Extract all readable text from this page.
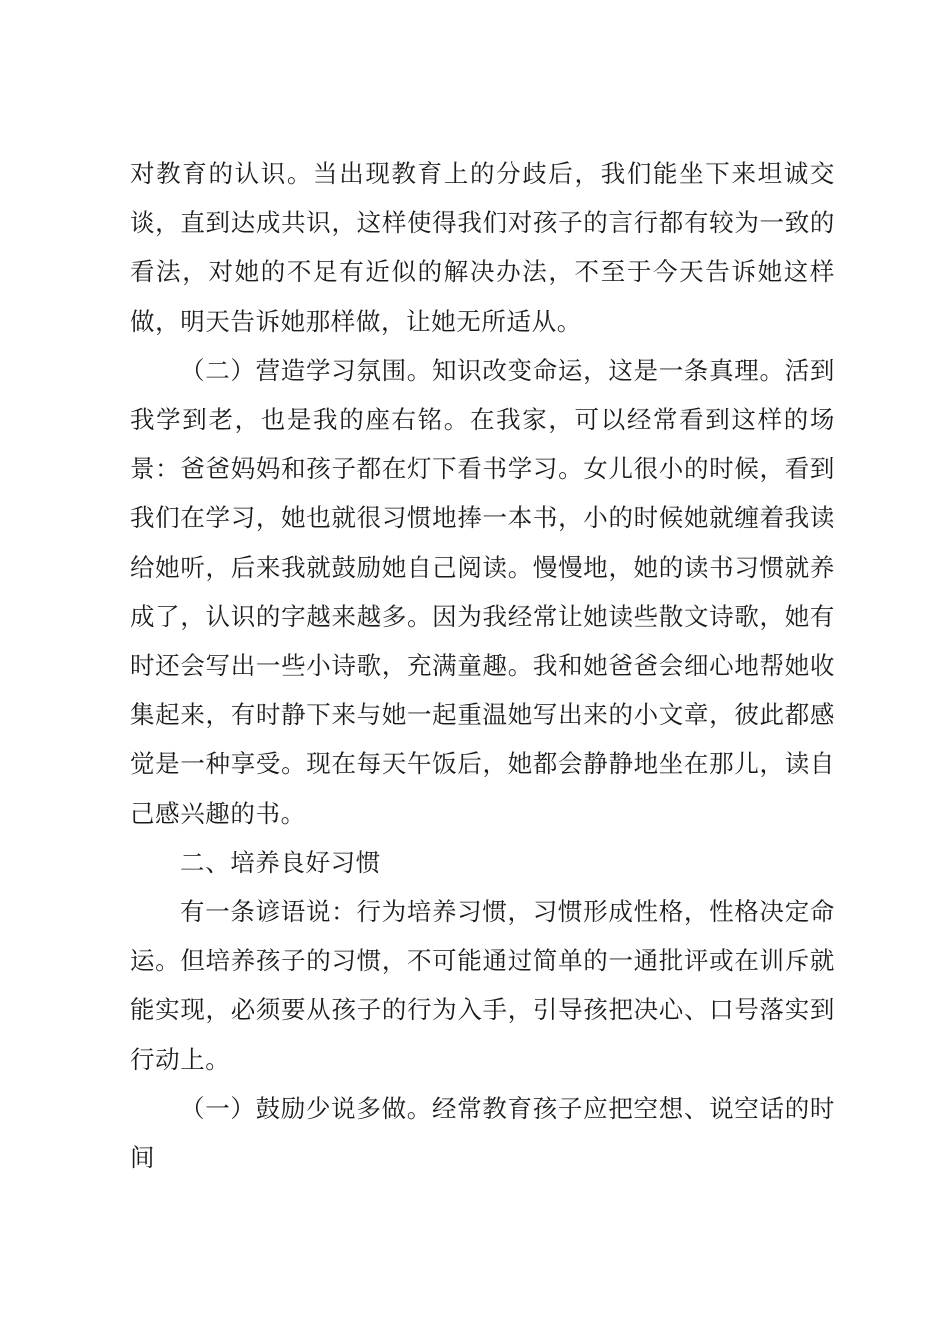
对教育的认识。当出现教育上的分歧后，我们能坐下来坦诚交谈，直到达成共识，这样使得我们对孩子的言行都有较为一致的看法，对她的不足有近似的解决办法，不至于今天告诉她这样做，明天告诉她那样做，让她无所适从。

（二）营造学习氛围。知识改变命运，这是一条真理。活到我学到老，也是我的座右铭。在我家，可以经常看到这样的场景：爸爸妈妈和孩子都在灯下看书学习。女儿很小的时候，看到我们在学习，她也就很习惯地捧一本书，小的时候她就缠着我读给她听，后来我就鼓励她自己阅读。慢慢地，她的读书习惯就养成了，认识的字越来越多。因为我经常让她读些散文诗歌，她有时还会写出一些小诗歌，充满童趣。我和她爸爸会细心地帮她收集起来，有时静下来与她一起重温她写出来的小文章，彼此都感觉是一种享受。现在每天午饭后，她都会静静地坐在那儿，读自己感兴趣的书。

二、培养良好习惯

有一条谚语说：行为培养习惯，习惯形成性格，性格决定命运。但培养孩子的习惯，不可能通过简单的一通批评或在训斥就能实现，必须要从孩子的行为入手，引导孩把决心、口号落实到行动上。

（一）鼓励少说多做。经常教育孩子应把空想、说空话的时间
